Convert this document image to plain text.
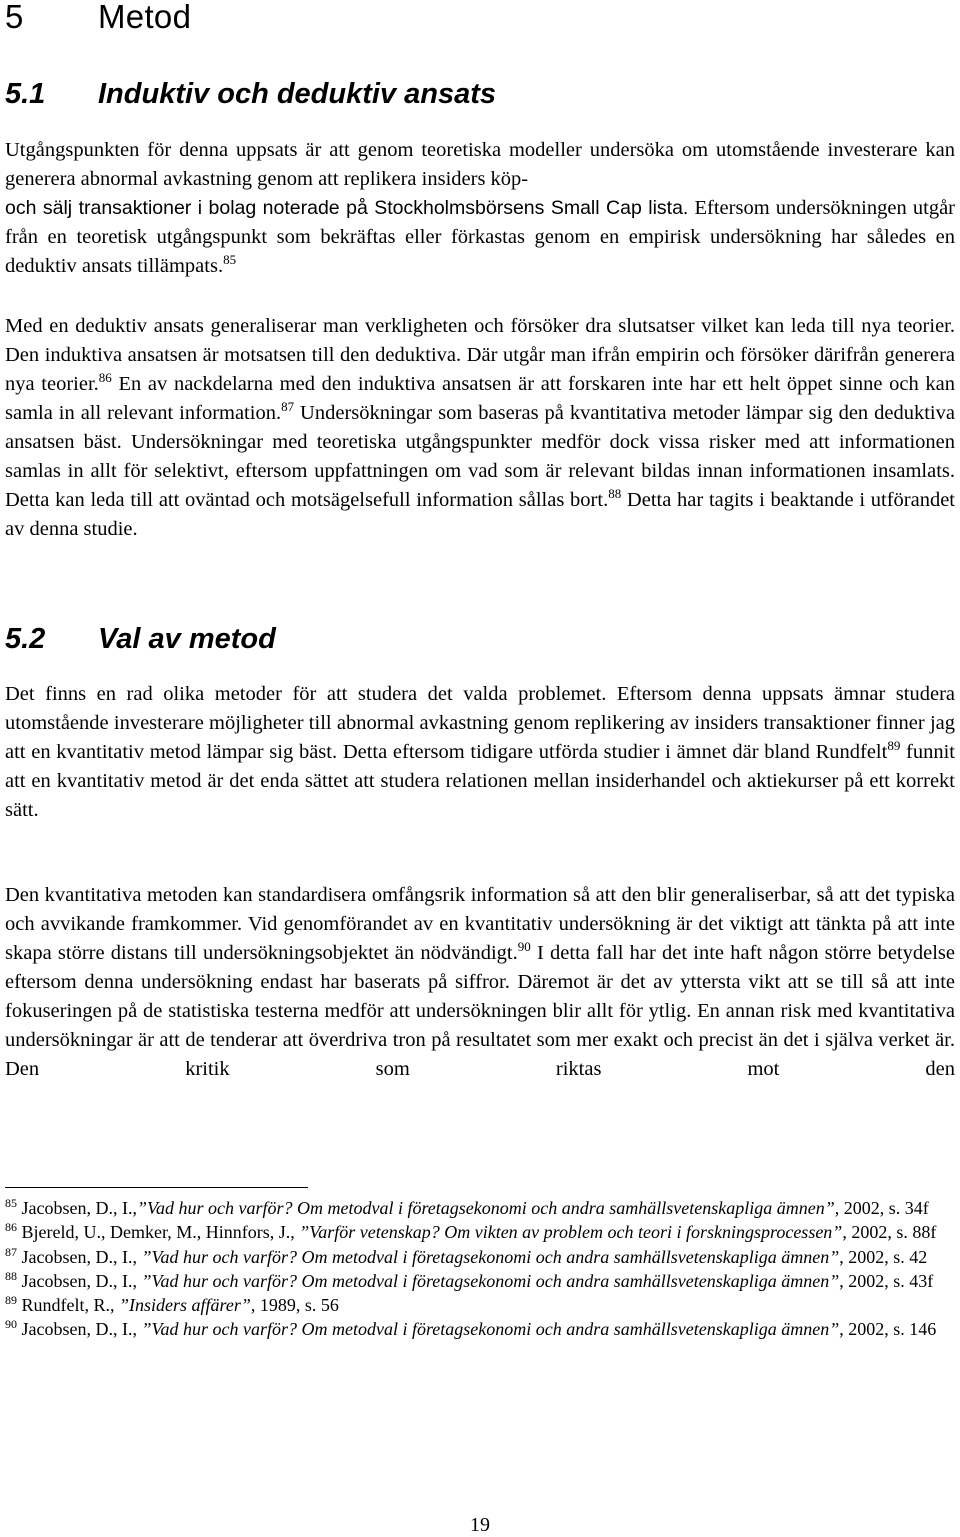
5 Metod
5.1 Induktiv och deduktiv ansats

Utgångspunkten för denna uppsats är att genom teoretiska modeller undersöka om utomstående investerare kan generera abnormal avkastning genom att replikera insiders köp-
och sälj transaktioner i bolag noterade på Stockholmsbörsens Small Cap lista. Eftersom undersökningen utgår från en teoretisk utgångspunkt som bekräftas eller förkastas genom en empirisk undersökning har således en deduktiv ansats tillämpats.$^{85}$

Med en deduktiv ansats generaliserar man verkligheten och försöker dra slutsatser vilket kan leda till nya teorier. Den induktiva ansatsen är motsatsen till den deduktiva. Där utgår man ifrån empirin och försöker därifrån generera nya teorier.$^{86}$ En av nackdelarna med den induktiva ansatsen är att forskaren inte har ett helt öppet sinne och kan samla in all relevant information.$^{87}$ Undersökningar som baseras på kvantitativa metoder lämpar sig den deduktiva ansatsen bäst. Undersökningar med teoretiska utgångspunkter medför dock vissa risker med att informationen samlas in allt för selektivt, eftersom uppfattningen om vad som är relevant bildas innan informationen insamlats. Detta kan leda till att oväntad och motsägelsefull information sållas bort.$^{88}$ Detta har tagits i beaktande i utförandet av denna studie.

5.2 Val av metod

Det finns en rad olika metoder för att studera det valda problemet. Eftersom denna uppsats ämnar studera utomstående investerare möjligheter till abnormal avkastning genom replikering av insiders transaktioner finner jag att en kvantitativ metod lämpar sig bäst. Detta eftersom tidigare utförda studier i ämnet där bland Rundfelt$^{89}$ funnit att en kvantitativ metod är det enda sättet att studera relationen mellan insiderhandel och aktiekurser på ett korrekt sätt.

Den kvantitativa metoden kan standardisera omfångsrik information så att den blir generaliserbar, så att det typiska och avvikande framkommer. Vid genomförandet av en kvantitativ undersökning är det viktigt att tänkta på att inte skapa större distans till undersökningsobjektet än nödvändigt.$^{90}$ I detta fall har det inte haft någon större betydelse eftersom denna undersökning endast har baserats på siffror. Däremot är det av yttersta vikt att se till så att inte fokuseringen på de statistiska testerna medför att undersökningen blir allt för ytlig. En annan risk med kvantitativa undersökningar är att de tenderar att överdriva tron på resultatet som mer exakt och precist än det i själva verket är. Den kritik som riktas mot den

$^{85}$ Jacobsen, D., I.,”Vad hur och varför? Om metodval i företagsekonomi och andra samhällsvetenskapliga ämnen”, 2002, s. 34f
$^{86}$ Bjereld, U., Demker, M., Hinnfors, J., ”Varför vetenskap? Om vikten av problem och teori i forskningsprocessen”, 2002, s. 88f
$^{87}$ Jacobsen, D., I., ”Vad hur och varför? Om metodval i företagsekonomi och andra samhällsvetenskapliga ämnen”, 2002, s. 42
$^{88}$ Jacobsen, D., I., ”Vad hur och varför? Om metodval i företagsekonomi och andra samhällsvetenskapliga ämnen”, 2002, s. 43f
$^{89}$ Rundfelt, R., ”Insiders affärer”, 1989, s. 56
$^{90}$ Jacobsen, D., I., ”Vad hur och varför? Om metodval i företagsekonomi och andra samhällsvetenskapliga ämnen”, 2002, s. 146
19
